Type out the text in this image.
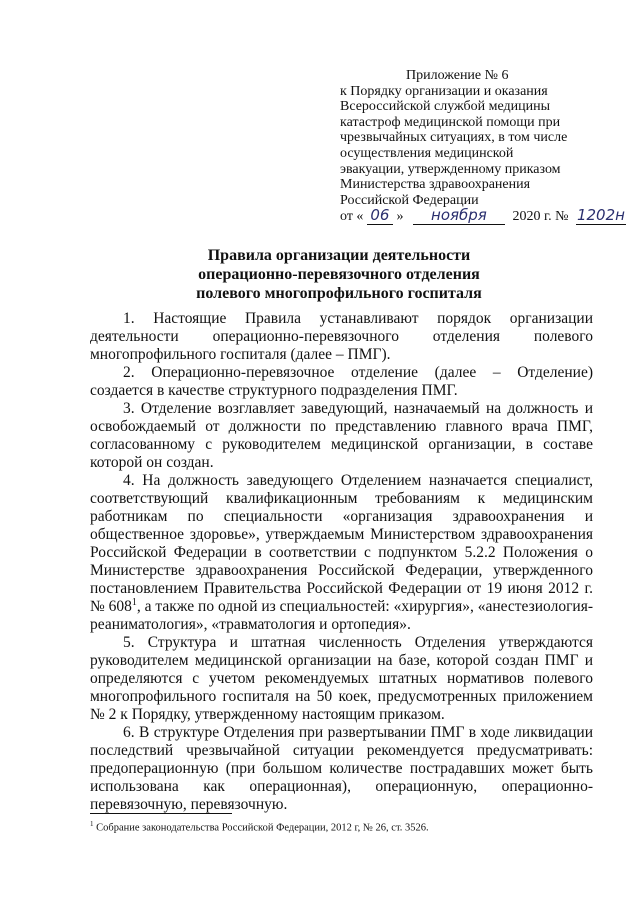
Приложение № 6
к Порядку организации и оказания
Всероссийской службой медицины
катастроф медицинской помощи при
чрезвычайных ситуациях, в том числе
осуществления медицинской
эвакуации, утвержденному приказом
Министерства здравоохранения
Российской Федерации
от « 06 » ноября 2020 г. № 1202н
Правила организации деятельности
операционно-перевязочного отделения
полевого многопрофильного госпиталя

1. Настоящие Правила устанавливают порядок организации деятельности операционно-перевязочного отделения полевого многопрофильного госпиталя (далее – ПМГ).

2. Операционно-перевязочное отделение (далее – Отделение) создается в качестве структурного подразделения ПМГ.

3. Отделение возглавляет заведующий, назначаемый на должность и освобождаемый от должности по представлению главного врача ПМГ, согласованному с руководителем медицинской организации, в составе которой он создан.

4. На должность заведующего Отделением назначается специалист, соответствующий квалификационным требованиям к медицинским работникам по специальности «организация здравоохранения и общественное здоровье», утверждаемым Министерством здравоохранения Российской Федерации в соответствии с подпунктом 5.2.2 Положения о Министерстве здравоохранения Российской Федерации, утвержденного постановлением Правительства Российской Федерации от 19 июня 2012 г. № $608^1$, а также по одной из специальностей: «хирургия», «анестезиология-реаниматология», «травматология и ортопедия».

5. Структура и штатная численность Отделения утверждаются руководителем медицинской организации на базе, которой создан ПМГ и определяются с учетом рекомендуемых штатных нормативов полевого многопрофильного госпиталя на 50 коек, предусмотренных приложением № 2 к Порядку, утвержденному настоящим приказом.

6. В структуре Отделения при развертывании ПМГ в ходе ликвидации последствий чрезвычайной ситуации рекомендуется предусматривать: предоперационную (при большом количестве пострадавших может быть использована как операционная), операционную, операционно-перевязочную, перевязочную.

$^1$ Собрание законодательства Российской Федерации, 2012 г, № 26, ст. 3526.
